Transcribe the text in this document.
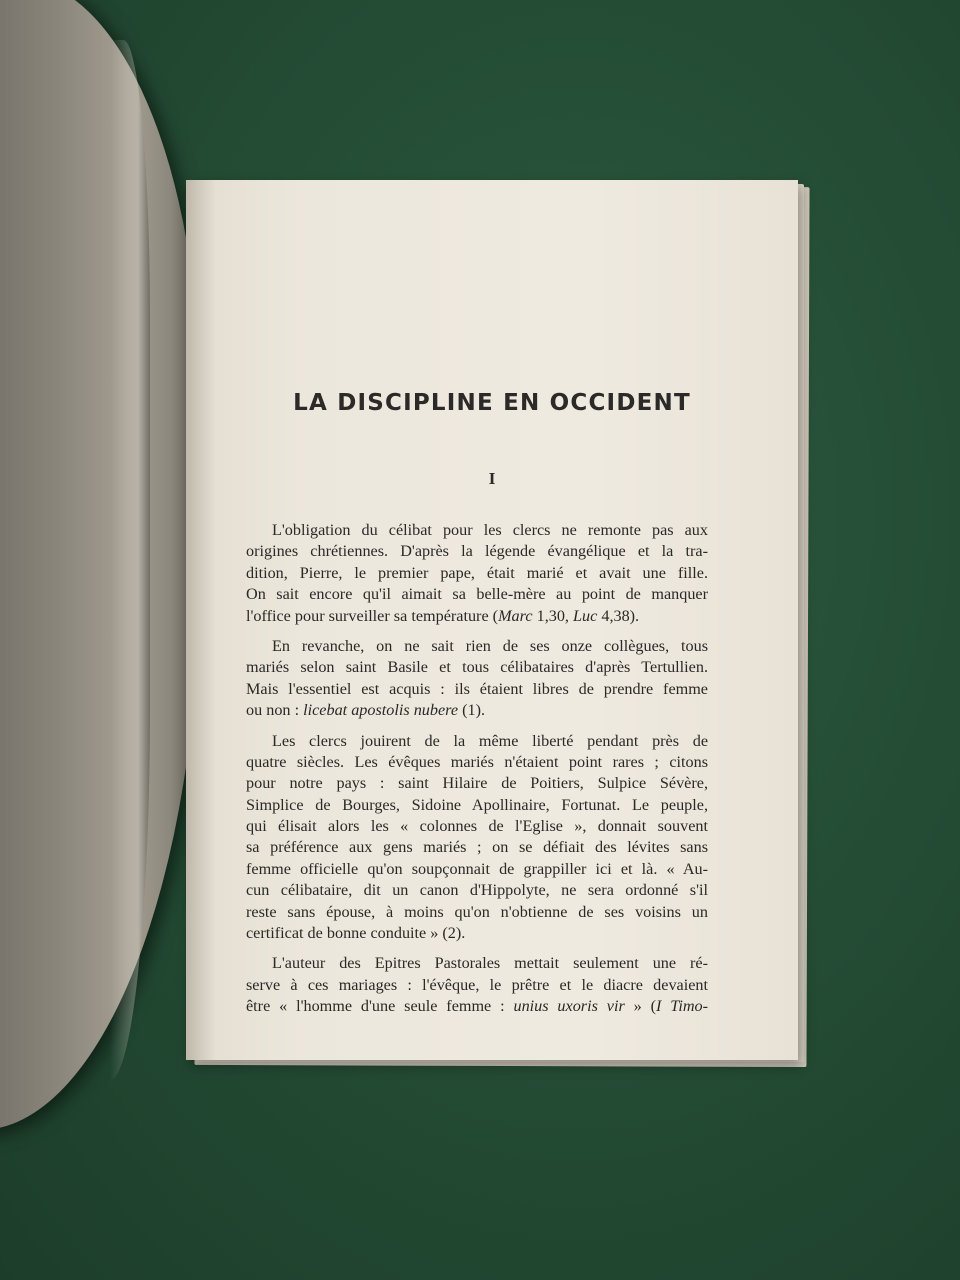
LA DISCIPLINE EN OCCIDENT
I
L'obligation du célibat pour les clercs ne remonte pas aux
origines chrétiennes. D'après la légende évangélique et la tra-
dition, Pierre, le premier pape, était marié et avait une fille.
On sait encore qu'il aimait sa belle-mère au point de manquer
l'office pour surveiller sa température (Marc 1,30, Luc 4,38).
En revanche, on ne sait rien de ses onze collègues, tous
mariés selon saint Basile et tous célibataires d'après Tertullien.
Mais l'essentiel est acquis : ils étaient libres de prendre femme
ou non : licebat apostolis nubere (1).
Les clercs jouirent de la même liberté pendant près de
quatre siècles. Les évêques mariés n'étaient point rares ; citons
pour notre pays : saint Hilaire de Poitiers, Sulpice Sévère,
Simplice de Bourges, Sidoine Apollinaire, Fortunat. Le peuple,
qui élisait alors les « colonnes de l'Eglise », donnait souvent
sa préférence aux gens mariés ; on se défiait des lévites sans
femme officielle qu'on soupçonnait de grappiller ici et là. « Au-
cun célibataire, dit un canon d'Hippolyte, ne sera ordonné s'il
reste sans épouse, à moins qu'on n'obtienne de ses voisins un
certificat de bonne conduite » (2).
L'auteur des Epitres Pastorales mettait seulement une ré-
serve à ces mariages : l'évêque, le prêtre et le diacre devaient
être « l'homme d'une seule femme : unius uxoris vir » (I Timo-
